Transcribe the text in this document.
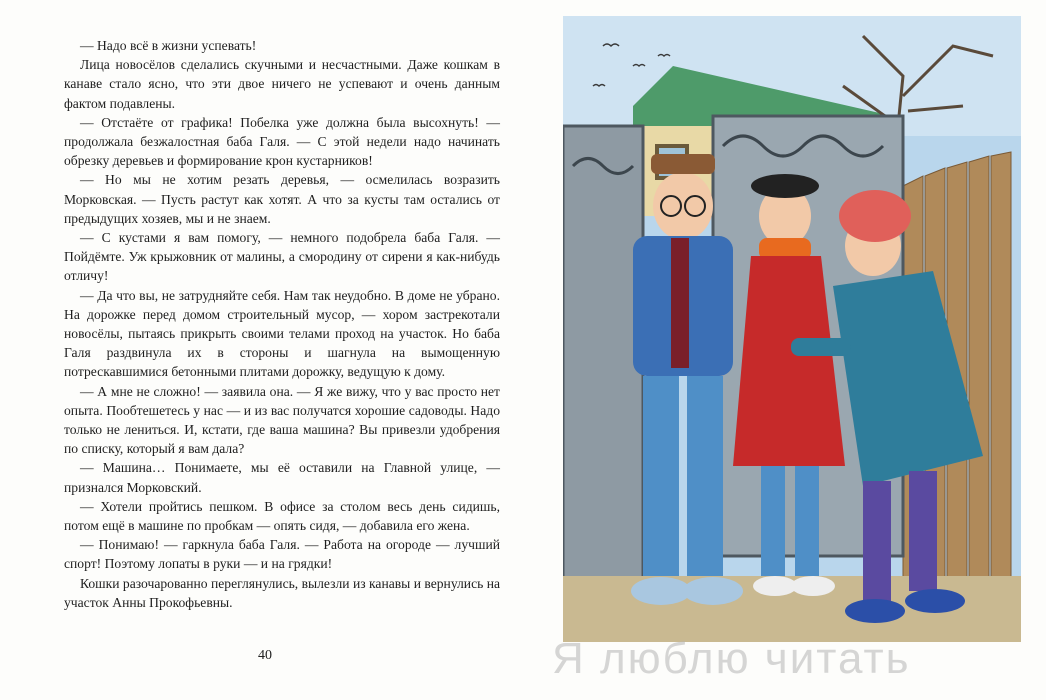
— Надо всё в жизни успевать!

Лица новосёлов сделались скучными и несчастными. Даже кошкам в канаве стало ясно, что эти двое ничего не успевают и очень данным фактом подавлены.

— Отстаёте от графика! Побелка уже должна была высохнуть! — продолжала безжалостная баба Галя. — С этой недели надо начинать обрезку деревьев и формирование крон кустарников!

— Но мы не хотим резать деревья, — осмелилась возразить Морковская. — Пусть растут как хотят. А что за кусты там остались от предыдущих хозяев, мы и не знаем.

— С кустами я вам помогу, — немного подобрела баба Галя. — Пойдёмте. Уж крыжовник от малины, а смородину от сирени я как-нибудь отличу!

— Да что вы, не затрудняйте себя. Нам так неудобно. В доме не убрано. На дорожке перед домом строительный мусор, — хором застрекотали новосёлы, пытаясь прикрыть своими телами проход на участок. Но баба Галя раздвинула их в стороны и шагнула на вымощенную потрескавшимися бетонными плитами дорожку, ведущую к дому.

— А мне не сложно! — заявила она. — Я же вижу, что у вас просто нет опыта. Пообтешетесь у нас — и из вас получатся хорошие садоводы. Надо только не лениться. И, кстати, где ваша машина? Вы привезли удобрения по списку, который я вам дала?

— Машина… Понимаете, мы её оставили на Главной улице, — признался Морковский.

— Хотели пройтись пешком. В офисе за столом весь день сидишь, потом ещё в машине по пробкам — опять сидя, — добавила его жена.

— Понимаю! — гаркнула баба Галя. — Работа на огороде — лучший спорт! Поэтому лопаты в руки — и на грядки!

Кошки разочарованно переглянулись, вылезли из канавы и вернулись на участок Анны Прокофьевны.

40	Я люблю читать
